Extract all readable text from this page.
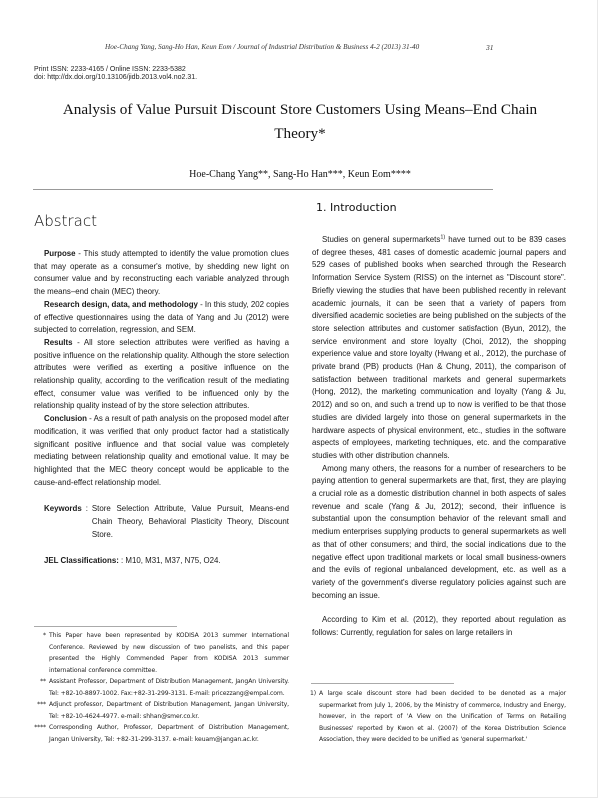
Hoe-Chang Yang, Sang-Ho Han, Keun Eom / Journal of Industrial Distribution & Business 4-2 (2013) 31-40	31
Print ISSN: 2233-4165 / Online ISSN: 2233-5382
doi: http://dx.doi.org/10.13106/jidb.2013.vol4.no2.31.
Analysis of Value Pursuit Discount Store Customers Using Means–End Chain Theory*
Hoe-Chang Yang**, Sang-Ho Han***, Keun Eom****
Abstract

Purpose - This study attempted to identify the value promotion clues that may operate as a consumer's motive, by shedding new light on consumer value and by reconstructing each variable analyzed through the means–end chain (MEC) theory.

Research design, data, and methodology - In this study, 202 copies of effective questionnaires using the data of Yang and Ju (2012) were subjected to correlation, regression, and SEM.

Results - All store selection attributes were verified as having a positive influence on the relationship quality. Although the store selection attributes were verified as exerting a positive influence on the relationship quality, according to the verification result of the mediating effect, consumer value was verified to be influenced only by the relationship quality instead of by the store selection attributes.

Conclusion - As a result of path analysis on the proposed model after modification, it was verified that only product factor had a statistically significant positive influence and that social value was completely mediating between relationship quality and emotional value. It may be highlighted that the MEC theory concept would be applicable to the cause-and-effect relationship model.

Keywords : Store Selection Attribute, Value Pursuit, Means-end Chain Theory, Behavioral Plasticity Theory, Discount Store.
JEL Classifications: : M10, M31, M37, N75, O24.
* This Paper have been represented by KODISA 2013 summer International Conference. Reviewed by new discussion of two panelists, and this paper presented the Highly Commended Paper from KODISA 2013 summer international conference committee.
** Assistant Professor, Department of Distribution Management, JangAn University. Tel: +82-10-8897-1002. Fax:+82-31-299-3131. E-mail: pricezzang@empal.com.
*** Adjunct professor, Department of Distribution Management, Jangan University, Tel: +82-10-4624-4977. e-mail: shhan@smer.co.kr.
**** Corresponding Author, Professor, Department of Distribution Management, Jangan University, Tel: +82-31-299-3137. e-mail: keuam@jangan.ac.kr.
1. Introduction

Studies on general supermarkets$^{1)}$ have turned out to be 839 cases of degree theses, 481 cases of domestic academic journal papers and 529 cases of published books when searched through the Research Information Service System (RISS) on the internet as "Discount store". Briefly viewing the studies that have been published recently in relevant academic journals, it can be seen that a variety of papers from diversified academic societies are being published on the subjects of the store selection attributes and customer satisfaction (Byun, 2012), the service environment and store loyalty (Choi, 2012), the shopping experience value and store loyalty (Hwang et al., 2012), the purchase of private brand (PB) products (Han & Chung, 2011), the comparison of satisfaction between traditional markets and general supermarkets (Hong, 2012), the marketing communication and loyalty (Yang & Ju, 2012) and so on, and such a trend up to now is verified to be that those studies are divided largely into those on general supermarkets in the hardware aspects of physical environment, etc., studies in the software aspects of employees, marketing techniques, etc. and the comparative studies with other distribution channels.

Among many others, the reasons for a number of researchers to be paying attention to general supermarkets are that, first, they are playing a crucial role as a domestic distribution channel in both aspects of sales revenue and scale (Yang & Ju, 2012); second, their influence is substantial upon the consumption behavior of the relevant small and medium enterprises supplying products to general supermarkets as well as that of other consumers; and third, the social indications due to the negative effect upon traditional markets or local small business-owners and the evils of regional unbalanced development, etc. as well as a variety of the government's diverse regulatory policies against such are becoming an issue.

According to Kim et al. (2012), they reported about regulation as follows: Currently, regulation for sales on large retailers in

1) A large scale discount store had been decided to be denoted as a major supermarket from July 1, 2006, by the Ministry of commerce, Industry and Energy, however, in the report of 'A View on the Unification of Terms on Retailing Businesses' reported by Kwon et al. (2007) of the Korea Distribution Science Association, they were decided to be unified as 'general supermarket.'
